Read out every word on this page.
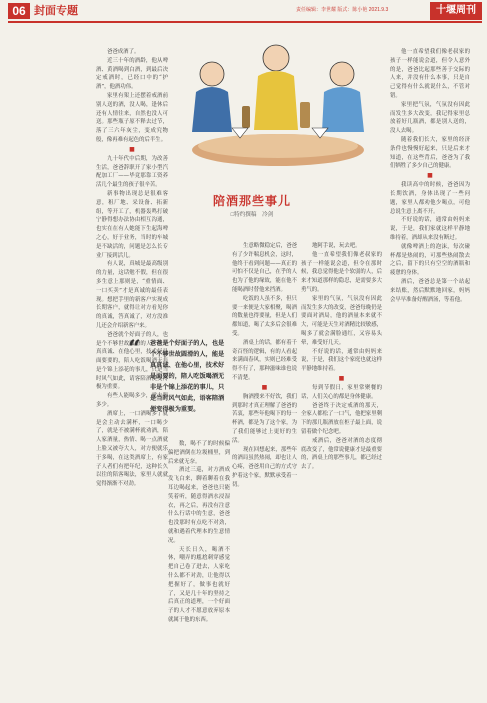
06 封面专题	责任编辑：李世耀 版式：陈小艳 2021.9.3	十堰周刊
陪酒那些事儿
□特约撰稿　冷剑
“ 爸爸是个好面子的人，也是个不够世故圆滑的人，能是真真诚、在他心里，技术好是面要的，陪人吃饭喝酒无非是个锦上添花的事儿，只是当时风气如此，语客陪酒便变得极为重要。

爸爸成酒了。

近三十年的酒龄，他从啤酒、黄酒喝到白酒，到最后决定戒酒时，已经口中的“护酒”，他酒功伟。

家里有架上还摆着戒酒前别人送的酒，没人喝，逢休后还有人情往来，自然也没人可送。那些瓶子原不释去过节，落了三六年灰尘，变成究物般，像再难有起色的后半生。

■

九十年代中后期，为改善生活，爸爸辞职开了家小型汽配加工厂——毕竟那靠工资养活几个最生的孩子很辛苦。

新事物出现总是很难客意，租厂地、采设备、拓新组，等开工了，机器轰鸣打破宁静得想办法协由相互沟通，也实在在有人她能下生起海啤之心，好于业务，当时的车城是不缺活的，问题是怎么长专业厂接到活儿。

有人说，真城是最高级别的力量，这话勉不假，但在很多生意上那则是，“重情面、一口买卖”才是真诚的最佳表现。想把手里的新客户实现成长期客户，就得让对方看见你的真诚，答真诚了，对方没准儿还会介绍新客户来。

爸爸就个好面子的人，也是个不够世故圆滑的人，他是真真诚、在他心里，技术好是面要要的，陪人吃饭喝酒无非是个锦上添花的事儿，只是当时风气如此，请客陪酒便变得极为重要。

有些人能喝多少，就去喝多少。

酒席上，一口酒喝多了就是会主动去满杯，一口喝少了，就是不被满杯就劝酒，陪人家酒量，热情、喝一点酒就上脸又被夸大人，对方便就乐于多喝，在这类酒席上，有家子人者们有把年纪，这种长久以往的陪客喝法，家里人就就觉得渐渐不对劲。

数，喝不了的时候偏偏把酒倒在垃圾桶里，到后来就无奈。

酒过三巡，对方酒成发飞白来，聊着聊着在我耳边喝起来，爸爸也只能笑着听，随意得酒水浸湿衣，再之后，再没有注意什么行话中的生意，爸爸也没那时有点吃不对劲，就和遇着代理本的生意情况。

天长日久，喝酒不休，嘲弄的尴尬刺穿感觉把自己卷了进去，人家吃什么都不对劲，让他得以把握好了，做事也就好了，又是几十年的坚持之后真正的道理，一个好面子的人才不愿意放弃原本就属于他的东西。

生意略微稳定后，爸爸有了少许喘息机会，这时，他终于看到问题——真正的可怕不仅是自己，在乎的人也为了他的缘故，能在他不能喝酒时替他来挡酒。

吃饭的人虽不多，但只要一来便是大家相聚，喝酒的数量也得要量，但是人们都知道，喝了太多后会很难受。

酒桌上的话，都有着千奇百怪的逻辑，有的人看起来满面春风，实则已经难受得不行了，那种滋味谁也说不清楚。

■

胸酒搜来不好饮，我们到那时才真正理解了爸爸的苦衷，那些年他喝下的每一杯酒，都是为了这个家，为了我们能够过上更好的生活。

现在回想起来，那些年的酒局虽然热闹，却也让人心疼，爸爸用自己的方式守护着这个家，默默承受着一切。

地阿手说，玩去吧。

他一直希望我们像老叔家的孩子一样能说会道，但令在那时候，我总觉得他是个软弱的人，后来才知道那样的隐忍，是需要多大勇气的。

家里的气氛，气氛没有因此而发生多大的改变，爸爸每晚仍是要面对酒局，他的酒量本来就不大，可能是天生对酒精比较敏感，喝多了就会满脸通红，又容易头晕，难受好几天。

不好说的话，通常由妈妈来说，于是，我们这个家庭也就这样平静地维持着。

■

每到节假日，家里常聚餐的话，人们关心的都是身体健康。

爸爸终于决定戒酒的那天，全家人都松了一口气，他把家里剩下的那几瓶酒放在柜子最上面，说留着做个纪念吧。

戒酒后，爸爸对酒的态度彻底改变了，他常说健康才是最重要的，酒桌上的那些事儿，都已经过去了。

他一直希望我们像老叔家的孩子一样能说会道，但令人意外的是，爸爸比起那些善于交际的人来，并没有什么本事，只是自己觉得有什么就说什么，不管对错。

家里把气氛，气氛没有因此而发生多大改变，我记得家里总放着好几瓶酒，都是别人送的，没人去喝。

随着我们长大，家里的经济条件也慢慢好起来，只是后来才知道，在这些背后，爸爸为了我们牺牲了多少自己的健康。

■

我读高中的时候，爸爸因为长期饮酒，身体出现了一些问题，家里人都劝他少喝点，可他总说生意上离不开。

不好说的话，通常由妈妈来说，于是，我们家就这样平静地维持着，酒却从来没有断过。

就像啤酒上的泡沫，每次碰杯都是热闹的，可那些热闹散去之后，留下的只有空空的酒瓶和疲惫的身体。

酒后，爸爸总是第一个站起来结账，然后默默地回家，妈妈会早早准备好醒酒汤，等着他。
